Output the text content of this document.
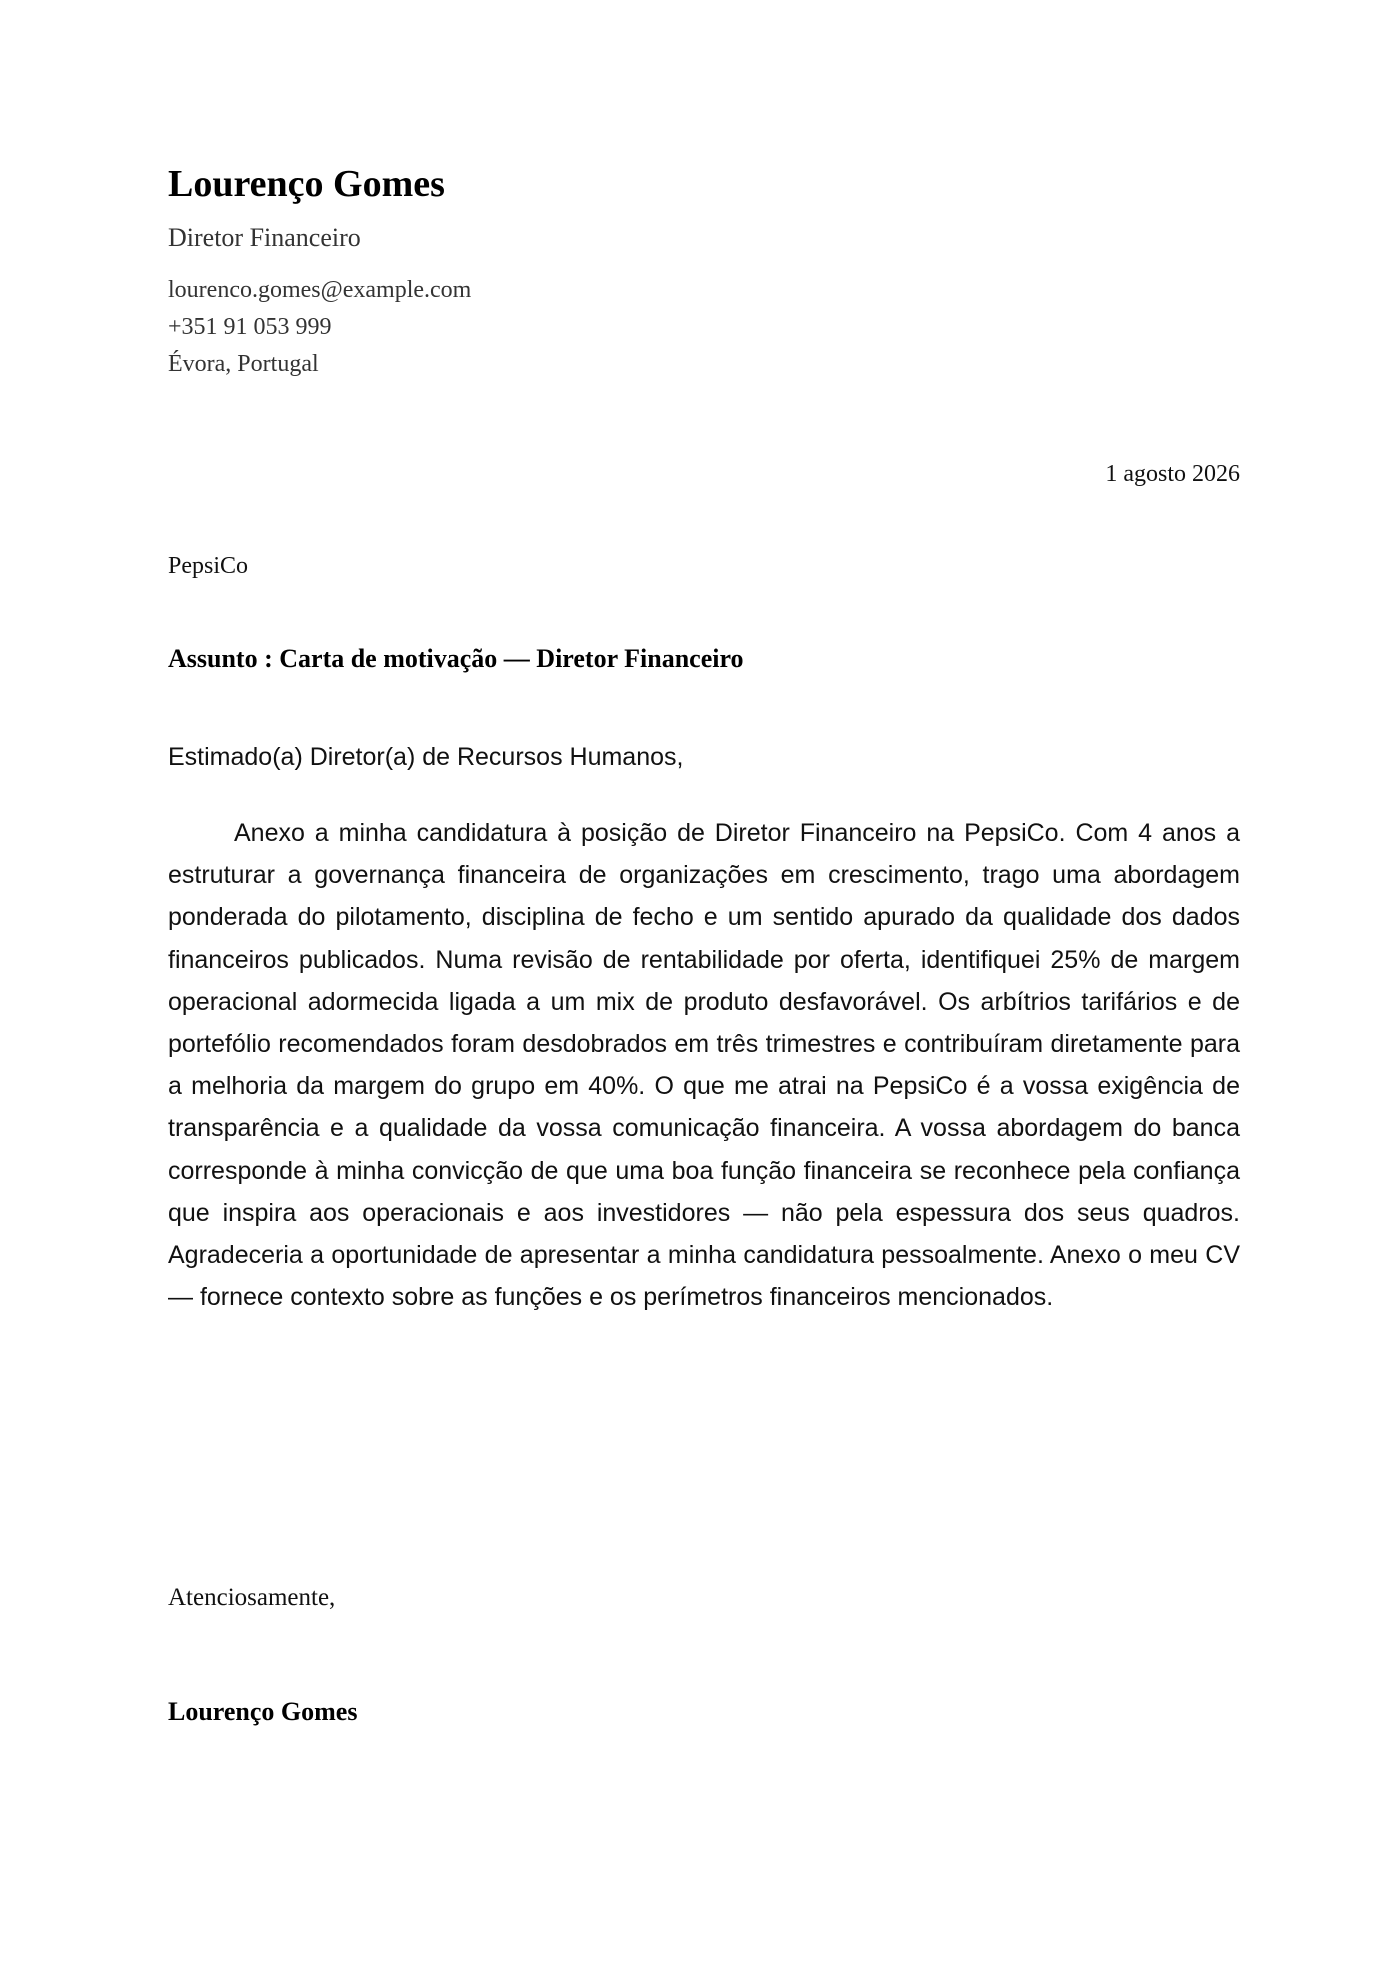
Lourenço Gomes
Diretor Financeiro
lourenco.gomes@example.com
+351 91 053 999
Évora, Portugal
1 agosto 2026
PepsiCo
Assunto : Carta de motivação — Diretor Financeiro
Estimado(a) Diretor(a) de Recursos Humanos,

Anexo a minha candidatura à posição de Diretor Financeiro na PepsiCo. Com 4 anos a estruturar a governança financeira de organizações em crescimento, trago uma abordagem ponderada do pilotamento, disciplina de fecho e um sentido apurado da qualidade dos dados financeiros publicados. Numa revisão de rentabilidade por oferta, identifiquei 25% de margem operacional adormecida ligada a um mix de produto desfavorável. Os arbítrios tarifários e de portefólio recomendados foram desdobrados em três trimestres e contribuíram diretamente para a melhoria da margem do grupo em 40%. O que me atrai na PepsiCo é a vossa exigência de transparência e a qualidade da vossa comunicação financeira. A vossa abordagem do banca corresponde à minha convicção de que uma boa função financeira se reconhece pela confiança que inspira aos operacionais e aos investidores — não pela espessura dos seus quadros. Agradeceria a oportunidade de apresentar a minha candidatura pessoalmente. Anexo o meu CV — fornece contexto sobre as funções e os perímetros financeiros mencionados.

Atenciosamente,
Lourenço Gomes
